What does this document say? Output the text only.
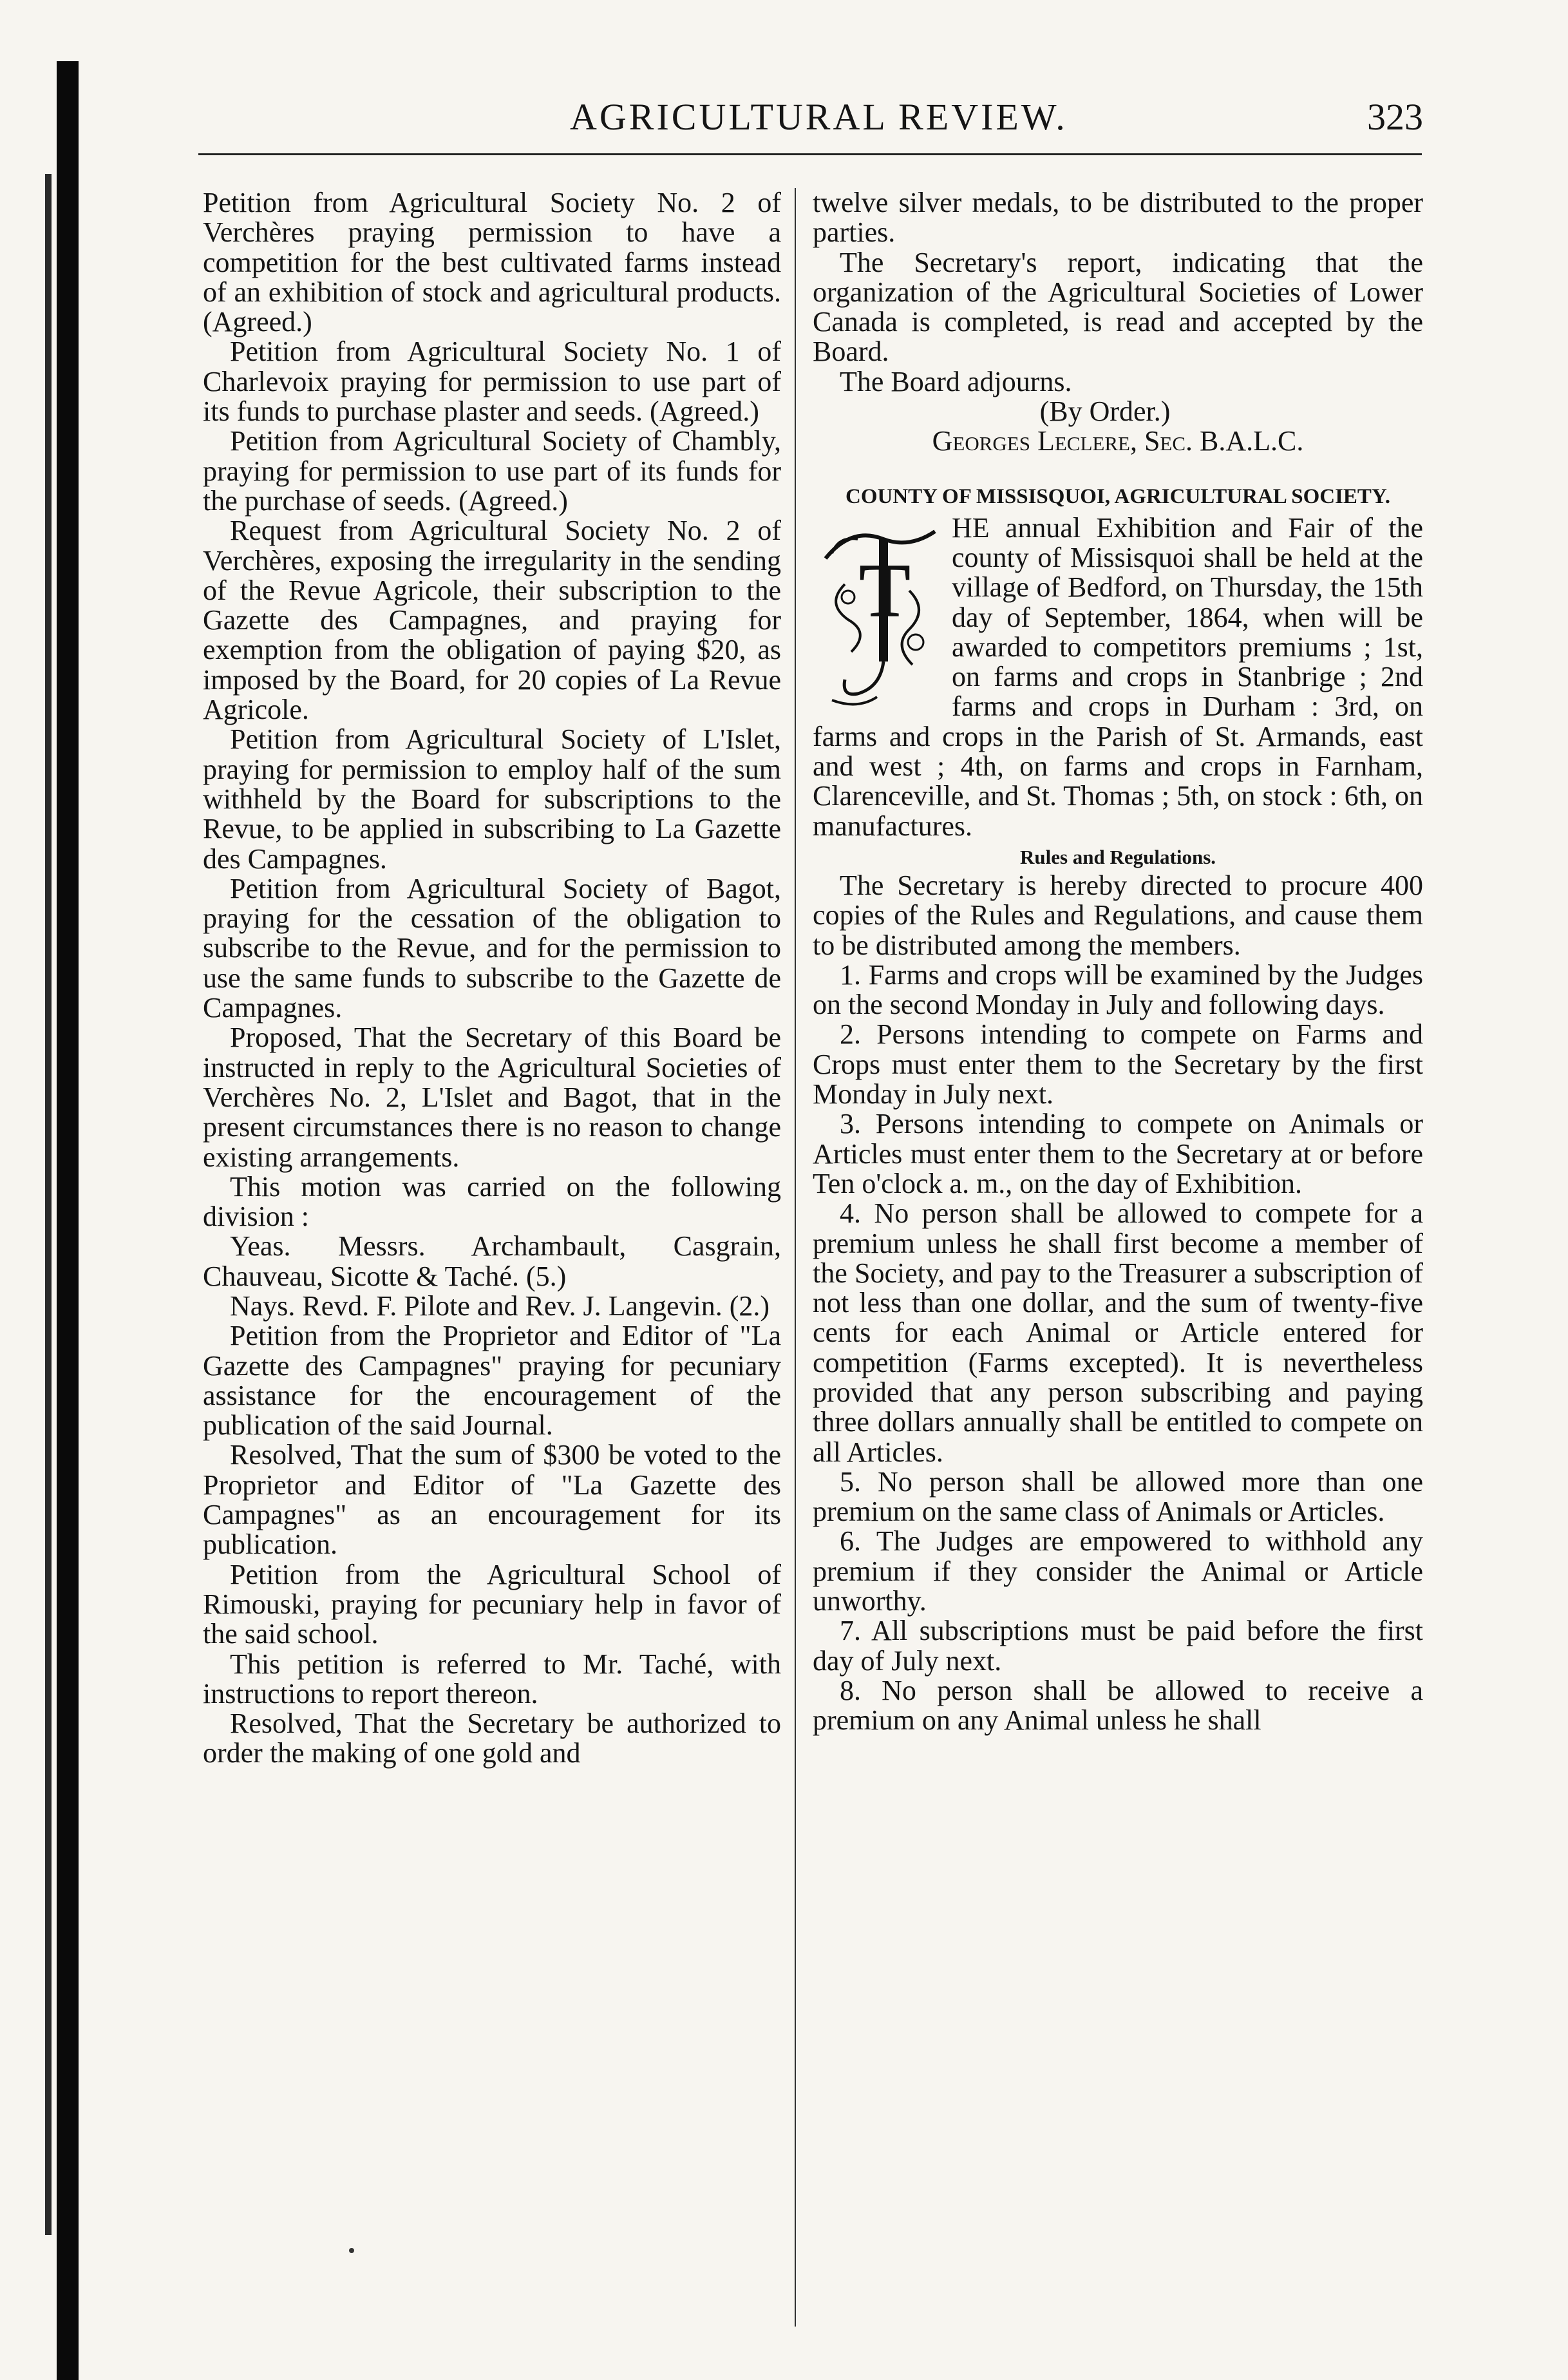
AGRICULTURAL REVIEW.	323

Petition from Agricultural Society No. 2 of Verchères praying permission to have a competition for the best cultivated farms instead of an exhibition of stock and agricultural products. (Agreed.)

Petition from Agricultural Society No. 1 of Charlevoix praying for permission to use part of its funds to purchase plaster and seeds. (Agreed.)

Petition from Agricultural Society of Chambly, praying for permission to use part of its funds for the purchase of seeds. (Agreed.)

Request from Agricultural Society No. 2 of Verchères, exposing the irregularity in the sending of the Revue Agricole, their subscription to the Gazette des Campagnes, and praying for exemption from the obligation of paying $20, as imposed by the Board, for 20 copies of La Revue Agricole.

Petition from Agricultural Society of L'Islet, praying for permission to employ half of the sum withheld by the Board for subscriptions to the Revue, to be applied in subscribing to La Gazette des Campagnes.

Petition from Agricultural Society of Bagot, praying for the cessation of the obligation to subscribe to the Revue, and for the permission to use the same funds to subscribe to the Gazette de Campagnes.

Proposed, That the Secretary of this Board be instructed in reply to the Agricultural Societies of Verchères No. 2, L'Islet and Bagot, that in the present circumstances there is no reason to change existing arrangements.

This motion was carried on the following division :

Yeas. Messrs. Archambault, Casgrain, Chauveau, Sicotte & Taché. (5.)

Nays. Revd. F. Pilote and Rev. J. Langevin. (2.)

Petition from the Proprietor and Editor of "La Gazette des Campagnes" praying for pecuniary assistance for the encouragement of the publication of the said Journal.

Resolved, That the sum of $300 be voted to the Proprietor and Editor of "La Gazette des Campagnes" as an encouragement for its publication.

Petition from the Agricultural School of Rimouski, praying for pecuniary help in favor of the said school.

This petition is referred to Mr. Taché, with instructions to report thereon.

Resolved, That the Secretary be authorized to order the making of one gold and

twelve silver medals, to be distributed to the proper parties.

The Secretary's report, indicating that the organization of the Agricultural Societies of Lower Canada is completed, is read and accepted by the Board.

The Board adjourns.

(By Order.)

Georges Leclere, Sec. B.A.L.C.

COUNTY OF MISSISQUOI, AGRICULTURAL SOCIETY.

T

HE annual Exhibition and Fair of the county of Missisquoi shall be held at the village of Bedford, on Thursday, the 15th day of September, 1864, when will be awarded to competitors premiums ; 1st, on farms and crops in Stanbrige ; 2nd farms and crops in Durham : 3rd, on farms and crops in the Parish of St. Armands, east and west ; 4th, on farms and crops in Farnham, Clarenceville, and St. Thomas ; 5th, on stock : 6th, on manufactures.

Rules and Regulations.

The Secretary is hereby directed to procure 400 copies of the Rules and Regulations, and cause them to be distributed among the members.

1. Farms and crops will be examined by the Judges on the second Monday in July and following days.

2. Persons intending to compete on Farms and Crops must enter them to the Secretary by the first Monday in July next.

3. Persons intending to compete on Animals or Articles must enter them to the Secretary at or before Ten o'clock a. m., on the day of Exhibition.

4. No person shall be allowed to compete for a premium unless he shall first become a member of the Society, and pay to the Treasurer a subscription of not less than one dollar, and the sum of twenty-five cents for each Animal or Article entered for competition (Farms excepted). It is nevertheless provided that any person subscribing and paying three dollars annually shall be entitled to compete on all Articles.

5. No person shall be allowed more than one premium on the same class of Animals or Articles.

6. The Judges are empowered to withhold any premium if they consider the Animal or Article unworthy.

7. All subscriptions must be paid before the first day of July next.

8. No person shall be allowed to receive a premium on any Animal unless he shall
